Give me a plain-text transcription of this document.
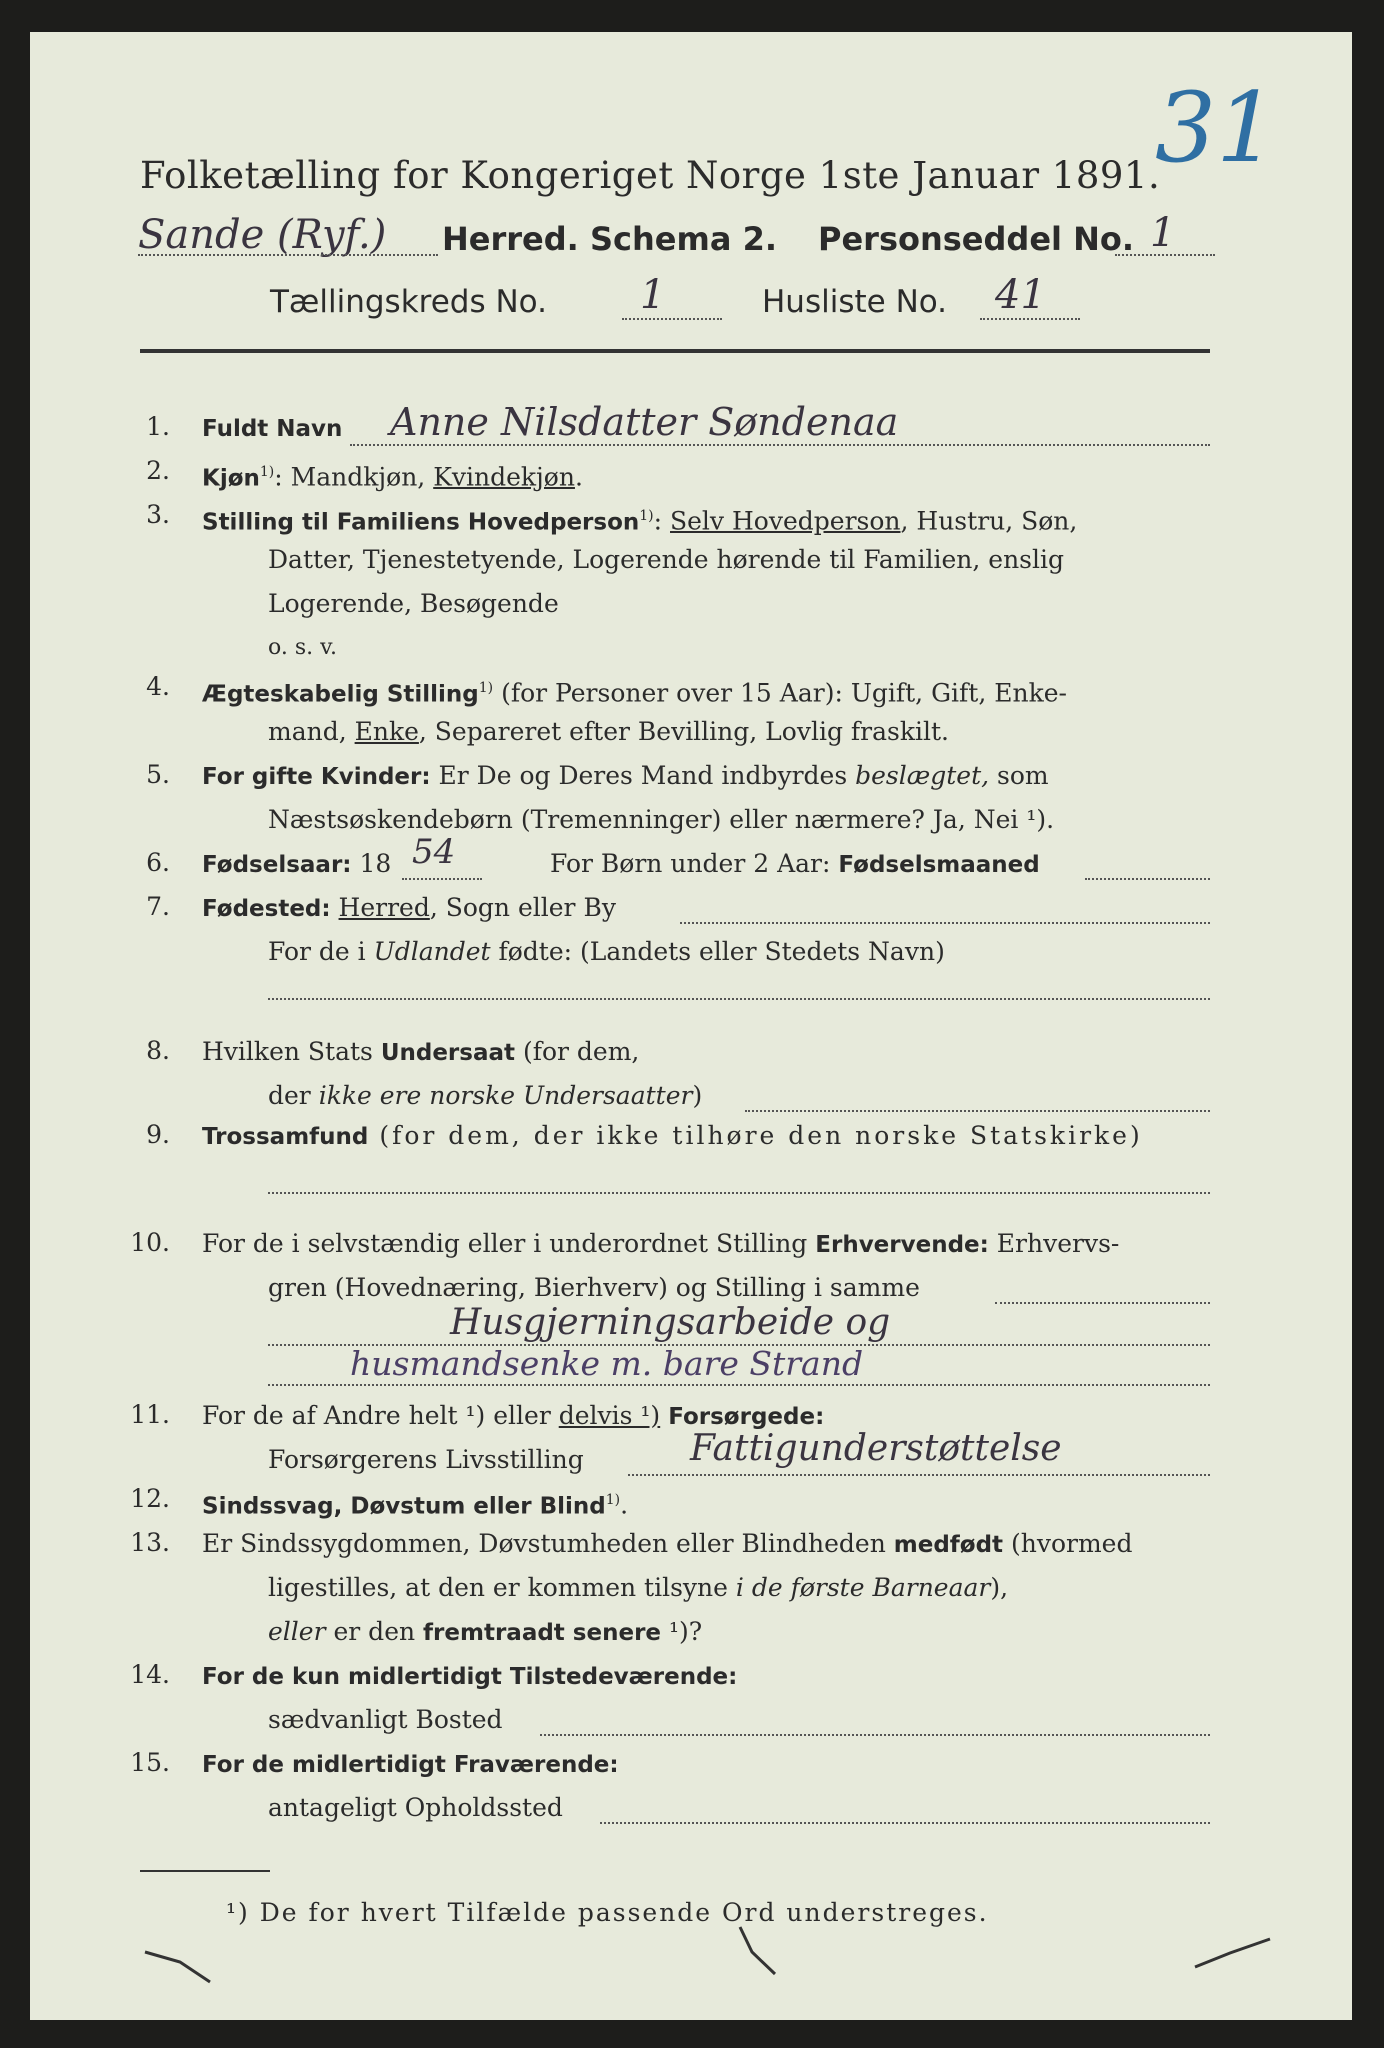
31
Folketælling for Kongeriget Norge 1ste Januar 1891.
Sande (Ryf.) Herred. Schema 2. Personseddel No. 1
Tællingskreds No. 1	Husliste No. 41
1. Fuldt Navn Anne Nilsdatter Søndenaa
2. Kjøn$^{1)}$: Mandkjøn, Kvindekjøn.
3. Stilling til Familiens Hovedperson$^{1)}$: Selv Hovedperson, Hustru, Søn,
Datter, Tjenestetyende, Logerende hørende til Familien, enslig
Logerende, Besøgende
o. s. v.
4. Ægteskabelig Stilling$^{1)}$ (for Personer over 15 Aar): Ugift, Gift, Enke-
mand, Enke, Separeret efter Bevilling, Lovlig fraskilt.
5. For gifte Kvinder: Er De og Deres Mand indbyrdes beslægtet, som
Næstsøskendebørn (Tremenninger) eller nærmere? Ja, Nei ¹).
6. Fødselsaar: 18 54	For Børn under 2 Aar: Fødselsmaaned
7. Fødested: Herred, Sogn eller By
For de i Udlandet fødte: (Landets eller Stedets Navn)
8. Hvilken Stats Undersaat (for dem,
der ikke ere norske Undersaatter)
9. Trossamfund (for dem, der ikke tilhøre den norske Statskirke)
10. For de i selvstændig eller i underordnet Stilling Erhvervende: Erhvervs-
gren (Hovednæring, Bierhverv) og Stilling i samme
Husgjerningsarbeide og
husmandsenke m. bare Strand
11. For de af Andre helt ¹) eller delvis ¹) Forsørgede:
Forsørgerens Livsstilling	Fattigunderstøttelse
12. Sindssvag, Døvstum eller Blind$^{1)}$.
13. Er Sindssygdommen, Døvstumheden eller Blindheden medfødt (hvormed
ligestilles, at den er kommen tilsyne i de første Barneaar),
eller er den fremtraadt senere ¹)?
14. For de kun midlertidigt Tilstedeværende:
sædvanligt Bosted
15. For de midlertidigt Fraværende:
antageligt Opholdssted
¹) De for hvert Tilfælde passende Ord understreges.
